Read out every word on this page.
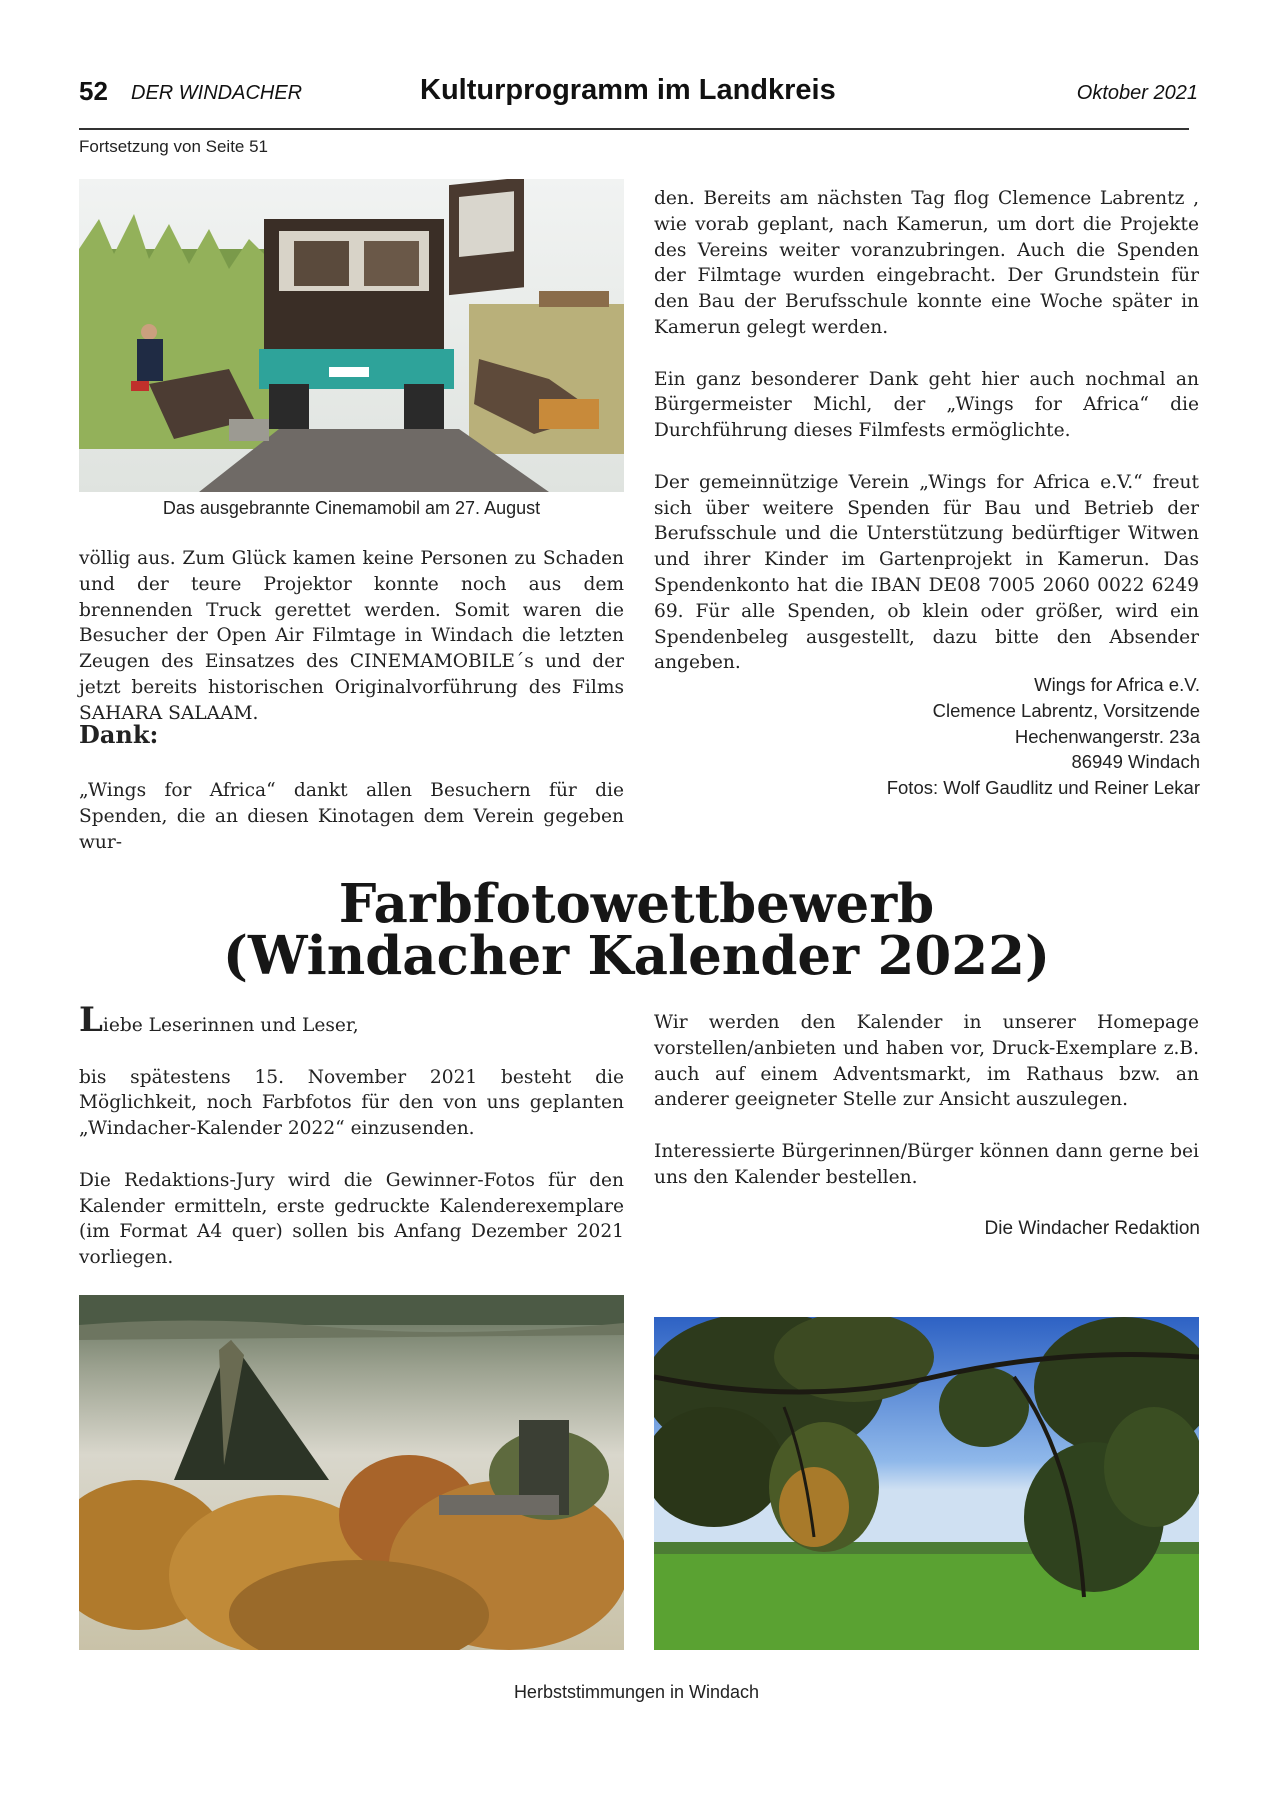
52 DER WINDACHER	Kulturprogramm im Landkreis	Oktober 2021
Fortsetzung von Seite 51
Das ausgebrannte Cinemamobil am 27. August

völlig aus. Zum Glück kamen keine Personen zu Schaden und der teure Projektor konnte noch aus dem brennenden Truck gerettet werden. Somit waren die Besucher der Open Air Filmtage in Windach die letzten Zeugen des Einsatzes des CINEMAMOBILE´s und der jetzt bereits historischen Originalvorführung des Films SAHARA SALAAM.

Dank:

„Wings for Africa“ dankt allen Besuchern für die Spenden, die an diesen Kinotagen dem Verein gegeben wur-

den. Bereits am nächsten Tag flog Clemence Labrentz , wie vorab geplant, nach Kamerun, um dort die Projekte des Vereins weiter voranzubringen. Auch die Spenden der Filmtage wurden eingebracht. Der Grundstein für den Bau der Berufsschule konnte eine Woche später in Kamerun gelegt werden.

Ein ganz besonderer Dank geht hier auch nochmal an Bürgermeister Michl, der „Wings for Africa“ die Durchführung dieses Filmfests ermöglichte.

Der gemeinnützige Verein „Wings for Africa e.V.“ freut sich über weitere Spenden für Bau und Betrieb der Berufsschule und die Unterstützung bedürftiger Witwen und ihrer Kinder im Gartenprojekt in Kamerun. Das Spendenkonto hat die IBAN DE08 7005 2060 0022 6249 69. Für alle Spenden, ob klein oder größer, wird ein Spendenbeleg ausgestellt, dazu bitte den Absender angeben.

Wings for Africa e.V.
Clemence Labrentz, Vorsitzende
Hechenwangerstr. 23a
86949 Windach
Fotos: Wolf Gaudlitz und Reiner Lekar
Farbfotowettbewerb
(Windacher Kalender 2022)

Liebe Leserinnen und Leser,

bis spätestens 15. November 2021 besteht die Möglichkeit, noch Farbfotos für den von uns geplanten „Windacher-Kalender 2022“ einzusenden.

Die Redaktions-Jury wird die Gewinner-Fotos für den Kalender ermitteln, erste gedruckte Kalenderexemplare (im Format A4 quer) sollen bis Anfang Dezember 2021 vorliegen.

Wir werden den Kalender in unserer Homepage vorstellen/anbieten und haben vor, Druck-Exemplare z.B. auch auf einem Adventsmarkt, im Rathaus bzw. an anderer geeigneter Stelle zur Ansicht auszulegen.

Interessierte Bürgerinnen/Bürger können dann gerne bei uns den Kalender bestellen.

Die Windacher Redaktion
Herbststimmungen in Windach
